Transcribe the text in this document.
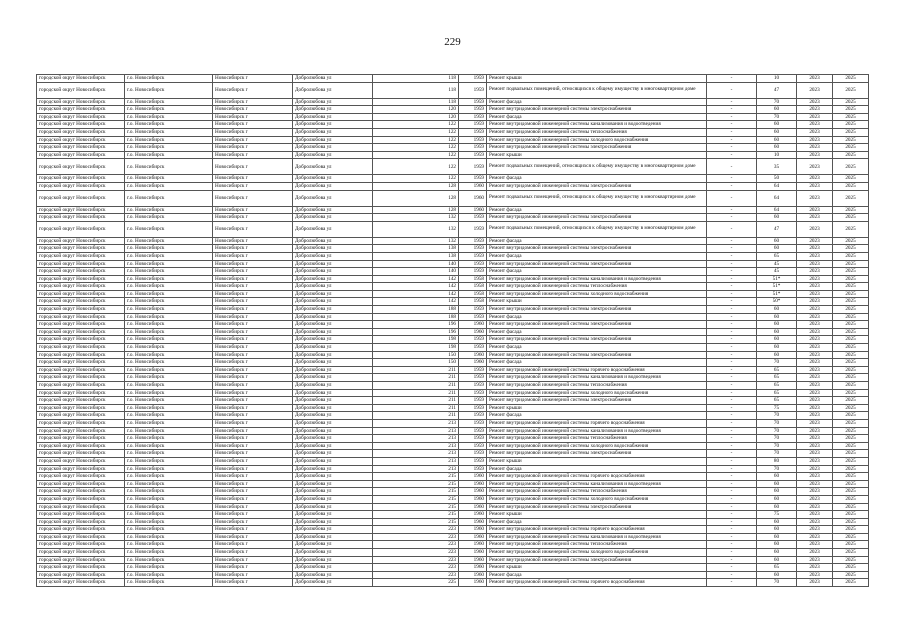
229
городской округ Новосибирск	г.о. Новосибирск	Новосибирск г	Добролюбова ул	118	1959	Ремонт крыши	-	10	2023	2025
городской округ Новосибирск	г.о. Новосибирск	Новосибирск г	Добролюбова ул	118	1959	Ремонт подвальных помещений, относящихся к общему имуществу в многоквартирном доме	-	47	2023	2025
городской округ Новосибирск	г.о. Новосибирск	Новосибирск г	Добролюбова ул	118	1959	Ремонт фасада	-	70	2023	2025
городской округ Новосибирск	г.о. Новосибирск	Новосибирск г	Добролюбова ул	120	1959	Ремонт внутридомовой инженерной системы электроснабжения	-	60	2023	2025
городской округ Новосибирск	г.о. Новосибирск	Новосибирск г	Добролюбова ул	120	1959	Ремонт фасада	-	70	2023	2025
городской округ Новосибирск	г.о. Новосибирск	Новосибирск г	Добролюбова ул	122	1959	Ремонт внутридомовой инженерной системы канализования и водоотведения	-	60	2023	2025
городской округ Новосибирск	г.о. Новосибирск	Новосибирск г	Добролюбова ул	122	1959	Ремонт внутридомовой инженерной системы теплоснабжения	-	60	2023	2025
городской округ Новосибирск	г.о. Новосибирск	Новосибирск г	Добролюбова ул	122	1959	Ремонт внутридомовой инженерной системы холодного водоснабжения	-	60	2023	2025
городской округ Новосибирск	г.о. Новосибирск	Новосибирск г	Добролюбова ул	122	1959	Ремонт внутридомовой инженерной системы электроснабжения	-	60	2023	2025
городской округ Новосибирск	г.о. Новосибирск	Новосибирск г	Добролюбова ул	122	1959	Ремонт крыши	-	10	2023	2025
городской округ Новосибирск	г.о. Новосибирск	Новосибирск г	Добролюбова ул	122	1959	Ремонт подвальных помещений, относящихся к общему имуществу в многоквартирном доме	-	35	2023	2025
городской округ Новосибирск	г.о. Новосибирск	Новосибирск г	Добролюбова ул	122	1959	Ремонт фасада	-	50	2023	2025
городской округ Новосибирск	г.о. Новосибирск	Новосибирск г	Добролюбова ул	128	1960	Ремонт внутридомовой инженерной системы электроснабжения	-	64	2023	2025
городской округ Новосибирск	г.о. Новосибирск	Новосибирск г	Добролюбова ул	128	1960	Ремонт подвальных помещений, относящихся к общему имуществу в многоквартирном доме	-	64	2023	2025
городской округ Новосибирск	г.о. Новосибирск	Новосибирск г	Добролюбова ул	128	1960	Ремонт фасада	-	64	2023	2025
городской округ Новосибирск	г.о. Новосибирск	Новосибирск г	Добролюбова ул	132	1959	Ремонт внутридомовой инженерной системы электроснабжения	-	60	2023	2025
городской округ Новосибирск	г.о. Новосибирск	Новосибирск г	Добролюбова ул	132	1959	Ремонт подвальных помещений, относящихся к общему имуществу в многоквартирном доме	-	47	2023	2025
городской округ Новосибирск	г.о. Новосибирск	Новосибирск г	Добролюбова ул	132	1959	Ремонт фасада	-	60	2023	2025
городской округ Новосибирск	г.о. Новосибирск	Новосибирск г	Добролюбова ул	138	1959	Ремонт внутридомовой инженерной системы электроснабжения	-	60	2023	2025
городской округ Новосибирск	г.о. Новосибирск	Новосибирск г	Добролюбова ул	138	1959	Ремонт фасада	-	65	2023	2025
городской округ Новосибирск	г.о. Новосибирск	Новосибирск г	Добролюбова ул	140	1959	Ремонт внутридомовой инженерной системы электроснабжения	-	45	2023	2025
городской округ Новосибирск	г.о. Новосибирск	Новосибирск г	Добролюбова ул	140	1959	Ремонт фасада	-	45	2023	2025
городской округ Новосибирск	г.о. Новосибирск	Новосибирск г	Добролюбова ул	142	1958	Ремонт внутридомовой инженерной системы канализования и водоотведения	-	51*	2023	2025
городской округ Новосибирск	г.о. Новосибирск	Новосибирск г	Добролюбова ул	142	1958	Ремонт внутридомовой инженерной системы теплоснабжения	-	51*	2023	2025
городской округ Новосибирск	г.о. Новосибирск	Новосибирск г	Добролюбова ул	142	1958	Ремонт внутридомовой инженерной системы холодного водоснабжения	-	51*	2023	2025
городской округ Новосибирск	г.о. Новосибирск	Новосибирск г	Добролюбова ул	142	1958	Ремонт крыши	-	50*	2023	2025
городской округ Новосибирск	г.о. Новосибирск	Новосибирск г	Добролюбова ул	188	1959	Ремонт внутридомовой инженерной системы электроснабжения	-	60	2023	2025
городской округ Новосибирск	г.о. Новосибирск	Новосибирск г	Добролюбова ул	188	1959	Ремонт фасада	-	60	2023	2025
городской округ Новосибирск	г.о. Новосибирск	Новосибирск г	Добролюбова ул	196	1960	Ремонт внутридомовой инженерной системы электроснабжения	-	60	2023	2025
городской округ Новосибирск	г.о. Новосибирск	Новосибирск г	Добролюбова ул	196	1960	Ремонт фасада	-	60	2023	2025
городской округ Новосибирск	г.о. Новосибирск	Новосибирск г	Добролюбова ул	198	1959	Ремонт внутридомовой инженерной системы электроснабжения	-	60	2023	2025
городской округ Новосибирск	г.о. Новосибирск	Новосибирск г	Добролюбова ул	198	1959	Ремонт фасада	-	60	2023	2025
городской округ Новосибирск	г.о. Новосибирск	Новосибирск г	Добролюбова ул	150	1960	Ремонт внутридомовой инженерной системы электроснабжения	-	60	2023	2025
городской округ Новосибирск	г.о. Новосибирск	Новосибирск г	Добролюбова ул	150	1960	Ремонт фасада	-	70	2023	2025
городской округ Новосибирск	г.о. Новосибирск	Новосибирск г	Добролюбова ул	211	1959	Ремонт внутридомовой инженерной системы горячего водоснабжения	-	65	2023	2025
городской округ Новосибирск	г.о. Новосибирск	Новосибирск г	Добролюбова ул	211	1959	Ремонт внутридомовой инженерной системы канализования и водоотведения	-	65	2023	2025
городской округ Новосибирск	г.о. Новосибирск	Новосибирск г	Добролюбова ул	211	1959	Ремонт внутридомовой инженерной системы теплоснабжения	-	65	2023	2025
городской округ Новосибирск	г.о. Новосибирск	Новосибирск г	Добролюбова ул	211	1959	Ремонт внутридомовой инженерной системы холодного водоснабжения	-	65	2023	2025
городской округ Новосибирск	г.о. Новосибирск	Новосибирск г	Добролюбова ул	211	1959	Ремонт внутридомовой инженерной системы электроснабжения	-	65	2023	2025
городской округ Новосибирск	г.о. Новосибирск	Новосибирск г	Добролюбова ул	211	1959	Ремонт крыши	-	75	2023	2025
городской округ Новосибирск	г.о. Новосибирск	Новосибирск г	Добролюбова ул	211	1959	Ремонт фасада	-	70	2023	2025
городской округ Новосибирск	г.о. Новосибирск	Новосибирск г	Добролюбова ул	213	1959	Ремонт внутридомовой инженерной системы горячего водоснабжения	-	70	2023	2025
городской округ Новосибирск	г.о. Новосибирск	Новосибирск г	Добролюбова ул	213	1959	Ремонт внутридомовой инженерной системы канализования и водоотведения	-	70	2023	2025
городской округ Новосибирск	г.о. Новосибирск	Новосибирск г	Добролюбова ул	213	1959	Ремонт внутридомовой инженерной системы теплоснабжения	-	70	2023	2025
городской округ Новосибирск	г.о. Новосибирск	Новосибирск г	Добролюбова ул	213	1959	Ремонт внутридомовой инженерной системы холодного водоснабжения	-	70	2023	2025
городской округ Новосибирск	г.о. Новосибирск	Новосибирск г	Добролюбова ул	213	1959	Ремонт внутридомовой инженерной системы электроснабжения	-	70	2023	2025
городской округ Новосибирск	г.о. Новосибирск	Новосибирск г	Добролюбова ул	213	1959	Ремонт крыши	-	80	2023	2025
городской округ Новосибирск	г.о. Новосибирск	Новосибирск г	Добролюбова ул	213	1959	Ремонт фасада	-	70	2023	2025
городской округ Новосибирск	г.о. Новосибирск	Новосибирск г	Добролюбова ул	215	1960	Ремонт внутридомовой инженерной системы горячего водоснабжения	-	60	2023	2025
городской округ Новосибирск	г.о. Новосибирск	Новосибирск г	Добролюбова ул	215	1960	Ремонт внутридомовой инженерной системы канализования и водоотведения	-	60	2023	2025
городской округ Новосибирск	г.о. Новосибирск	Новосибирск г	Добролюбова ул	215	1960	Ремонт внутридомовой инженерной системы теплоснабжения	-	60	2023	2025
городской округ Новосибирск	г.о. Новосибирск	Новосибирск г	Добролюбова ул	215	1960	Ремонт внутридомовой инженерной системы холодного водоснабжения	-	60	2023	2025
городской округ Новосибирск	г.о. Новосибирск	Новосибирск г	Добролюбова ул	215	1960	Ремонт внутридомовой инженерной системы электроснабжения	-	60	2023	2025
городской округ Новосибирск	г.о. Новосибирск	Новосибирск г	Добролюбова ул	215	1960	Ремонт крыши	-	75	2023	2025
городской округ Новосибирск	г.о. Новосибирск	Новосибирск г	Добролюбова ул	215	1960	Ремонт фасада	-	60	2023	2025
городской округ Новосибирск	г.о. Новосибирск	Новосибирск г	Добролюбова ул	223	1960	Ремонт внутридомовой инженерной системы горячего водоснабжения	-	60	2023	2025
городской округ Новосибирск	г.о. Новосибирск	Новосибирск г	Добролюбова ул	223	1960	Ремонт внутридомовой инженерной системы канализования и водоотведения	-	60	2023	2025
городской округ Новосибирск	г.о. Новосибирск	Новосибирск г	Добролюбова ул	223	1960	Ремонт внутридомовой инженерной системы теплоснабжения	-	60	2023	2025
городской округ Новосибирск	г.о. Новосибирск	Новосибирск г	Добролюбова ул	223	1960	Ремонт внутридомовой инженерной системы холодного водоснабжения	-	60	2023	2025
городской округ Новосибирск	г.о. Новосибирск	Новосибирск г	Добролюбова ул	223	1960	Ремонт внутридомовой инженерной системы электроснабжения	-	60	2023	2025
городской округ Новосибирск	г.о. Новосибирск	Новосибирск г	Добролюбова ул	223	1960	Ремонт крыши	-	65	2023	2025
городской округ Новосибирск	г.о. Новосибирск	Новосибирск г	Добролюбова ул	223	1960	Ремонт фасада	-	60	2023	2025
городской округ Новосибирск	г.о. Новосибирск	Новосибирск г	Добролюбова ул	225	1960	Ремонт внутридомовой инженерной системы горячего водоснабжения	-	70	2023	2025
